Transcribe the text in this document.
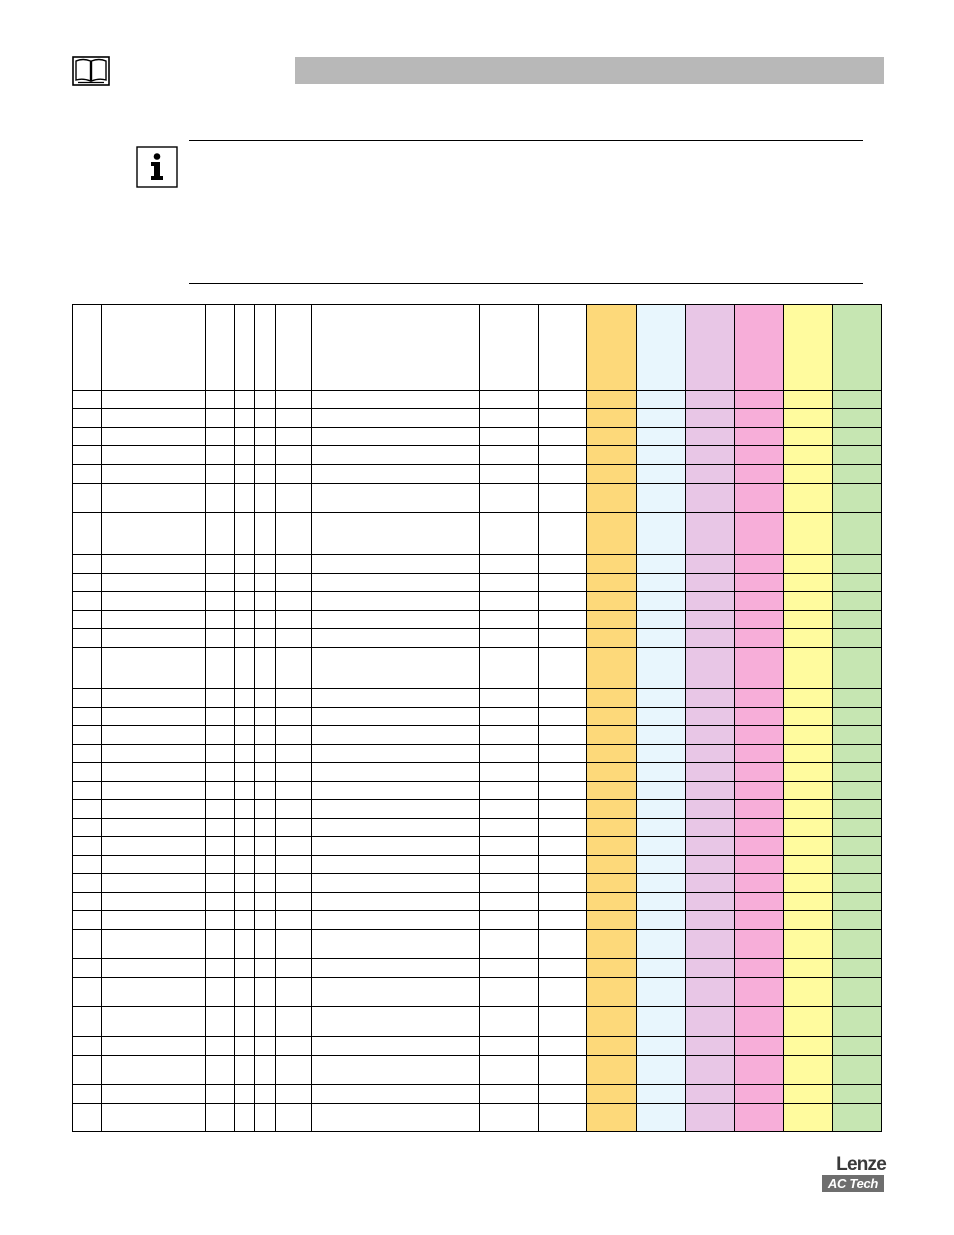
Lenze
AC Tech
